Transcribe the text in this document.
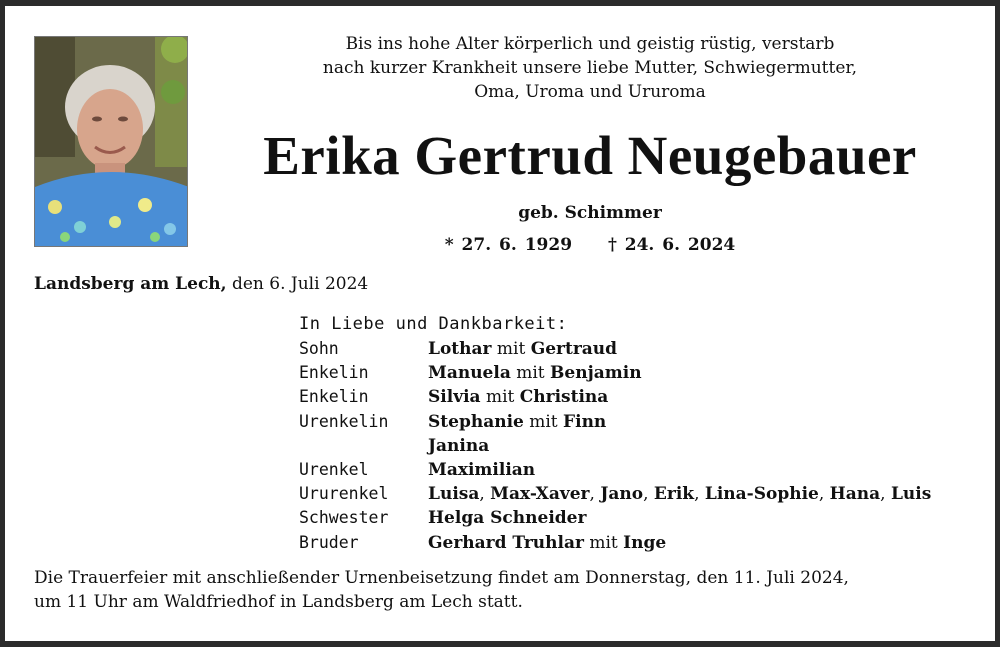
Bis ins hohe Alter körperlich und geistig rüstig, verstarb
nach kurzer Krankheit unsere liebe Mutter, Schwiegermutter,
Oma, Uroma und Ururoma
Erika Gertrud Neugebauer
geb. Schimmer
* 27. 6. 1929 † 24. 6. 2024
Landsberg am Lech, den 6. Juli 2024
In Liebe und Dankbarkeit:
Sohn	Lothar mit Gertraud
Enkelin	Manuela mit Benjamin
Enkelin	Silvia mit Christina
Urenkelin	Stephanie mit Finn
Janina
Urenkel	Maximilian
Ururenkel	Luisa, Max-Xaver, Jano, Erik, Lina-Sophie, Hana, Luis
Schwester	Helga Schneider
Bruder	Gerhard Truhlar mit Inge
Die Trauerfeier mit anschließender Urnenbeisetzung findet am Donnerstag, den 11. Juli 2024,
um 11 Uhr am Waldfriedhof in Landsberg am Lech statt.
